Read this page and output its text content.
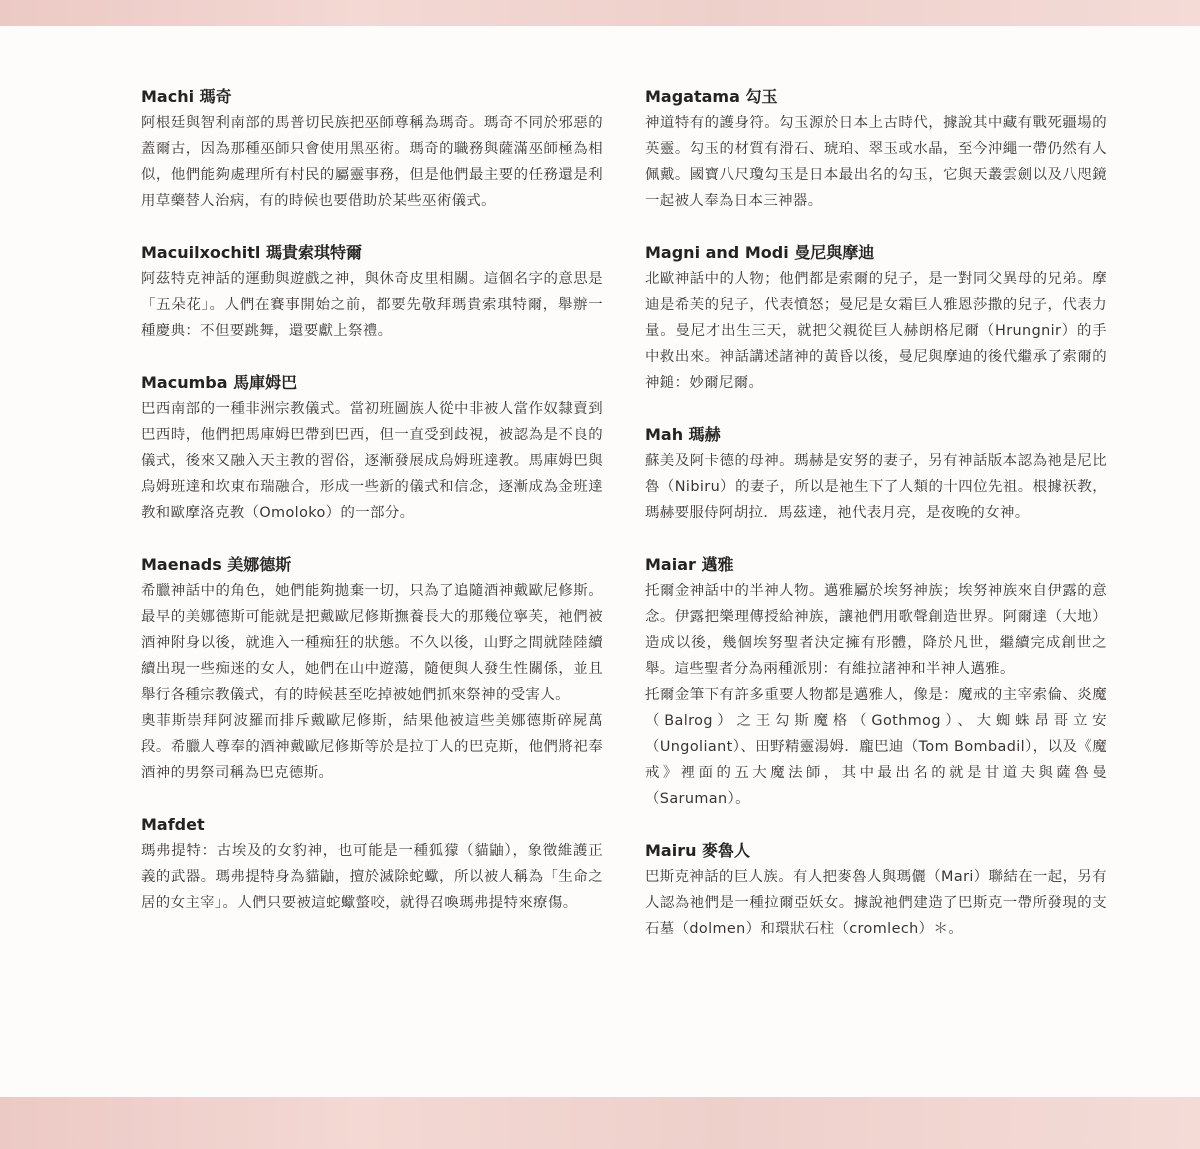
Machi 瑪奇

阿根廷與智利南部的馬普切民族把巫師尊稱為瑪奇。瑪奇不同於邪惡的蓋爾古，因為那種巫師只會使用黑巫術。瑪奇的職務與薩滿巫師極為相似，他們能夠處理所有村民的屬靈事務，但是他們最主要的任務還是利用草藥替人治病，有的時候也要借助於某些巫術儀式。

Macuilxochitl 瑪貴索琪特爾

阿茲特克神話的運動與遊戲之神，與休奇皮里相關。這個名字的意思是「五朵花」。人們在賽事開始之前，都要先敬拜瑪貴索琪特爾，舉辦一種慶典：不但要跳舞，還要獻上祭禮。

Macumba 馬庫姆巴

巴西南部的一種非洲宗教儀式。當初班圖族人從中非被人當作奴隸賣到巴西時，他們把馬庫姆巴帶到巴西，但一直受到歧視，被認為是不良的儀式，後來又融入天主教的習俗，逐漸發展成烏姆班達教。馬庫姆巴與烏姆班達和坎東布瑞融合，形成一些新的儀式和信念，逐漸成為金班達教和歐摩洛克教（Omoloko）的一部分。

Maenads 美娜德斯

希臘神話中的角色，她們能夠拋棄一切，只為了追隨酒神戴歐尼修斯。最早的美娜德斯可能就是把戴歐尼修斯撫養長大的那幾位寧芙，祂們被酒神附身以後，就進入一種痴狂的狀態。不久以後，山野之間就陸陸續續出現一些痴迷的女人，她們在山中遊蕩，隨便與人發生性關係，並且舉行各種宗教儀式，有的時候甚至吃掉被她們抓來祭神的受害人。

奧菲斯崇拜阿波羅而排斥戴歐尼修斯，結果他被這些美娜德斯碎屍萬段。希臘人尊奉的酒神戴歐尼修斯等於是拉丁人的巴克斯，他們將祀奉酒神的男祭司稱為巴克德斯。

Mafdet

瑪弗提特：古埃及的女豹神，也可能是一種狐獴（貓鼬），象徵維護正義的武器。瑪弗提特身為貓鼬，擅於滅除蛇蠍，所以被人稱為「生命之居的女主宰」。人們只要被這蛇蠍螫咬，就得召喚瑪弗提特來療傷。

Magatama 勾玉

神道特有的護身符。勾玉源於日本上古時代，據說其中藏有戰死疆場的英靈。勾玉的材質有滑石、琥珀、翠玉或水晶，至今沖繩一帶仍然有人佩戴。國寶八尺瓊勾玉是日本最出名的勾玉，它與天叢雲劍以及八咫鏡一起被人奉為日本三神器。

Magni and Modi 曼尼與摩迪

北歐神話中的人物；他們都是索爾的兒子，是一對同父異母的兄弟。摩迪是希芙的兒子，代表憤怒；曼尼是女霜巨人雅恩莎撒的兒子，代表力量。曼尼才出生三天，就把父親從巨人赫朗格尼爾（Hrungnir）的手中救出來。神話講述諸神的黃昏以後，曼尼與摩迪的後代繼承了索爾的神鎚：妙爾尼爾。

Mah 瑪赫

蘇美及阿卡德的母神。瑪赫是安努的妻子，另有神話版本認為祂是尼比魯（Nibiru）的妻子，所以是祂生下了人類的十四位先祖。根據祆教，瑪赫要服侍阿胡拉．馬茲達，祂代表月亮，是夜晚的女神。

Maiar 邁雅

托爾金神話中的半神人物。邁雅屬於埃努神族；埃努神族來自伊露的意念。伊露把樂理傳授給神族，讓祂們用歌聲創造世界。阿爾達（大地）造成以後，幾個埃努聖者決定擁有形體，降於凡世，繼續完成創世之舉。這些聖者分為兩種派別：有維拉諸神和半神人邁雅。

托爾金筆下有許多重要人物都是邁雅人，像是：魔戒的主宰索倫、炎魔（Balrog）之王勾斯魔格（Gothmog）、大蜘蛛昂哥立安（Ungoliant）、田野精靈湯姆．龐巴迪（Tom Bombadil），以及《魔戒》裡面的五大魔法師，其中最出名的就是甘道夫與薩魯曼（Saruman）。

Mairu 麥魯人

巴斯克神話的巨人族。有人把麥魯人與瑪儷（Mari）聯結在一起，另有人認為祂們是一種拉爾亞妖女。據說祂們建造了巴斯克一帶所發現的支石墓（dolmen）和環狀石柱（cromlech）＊。
